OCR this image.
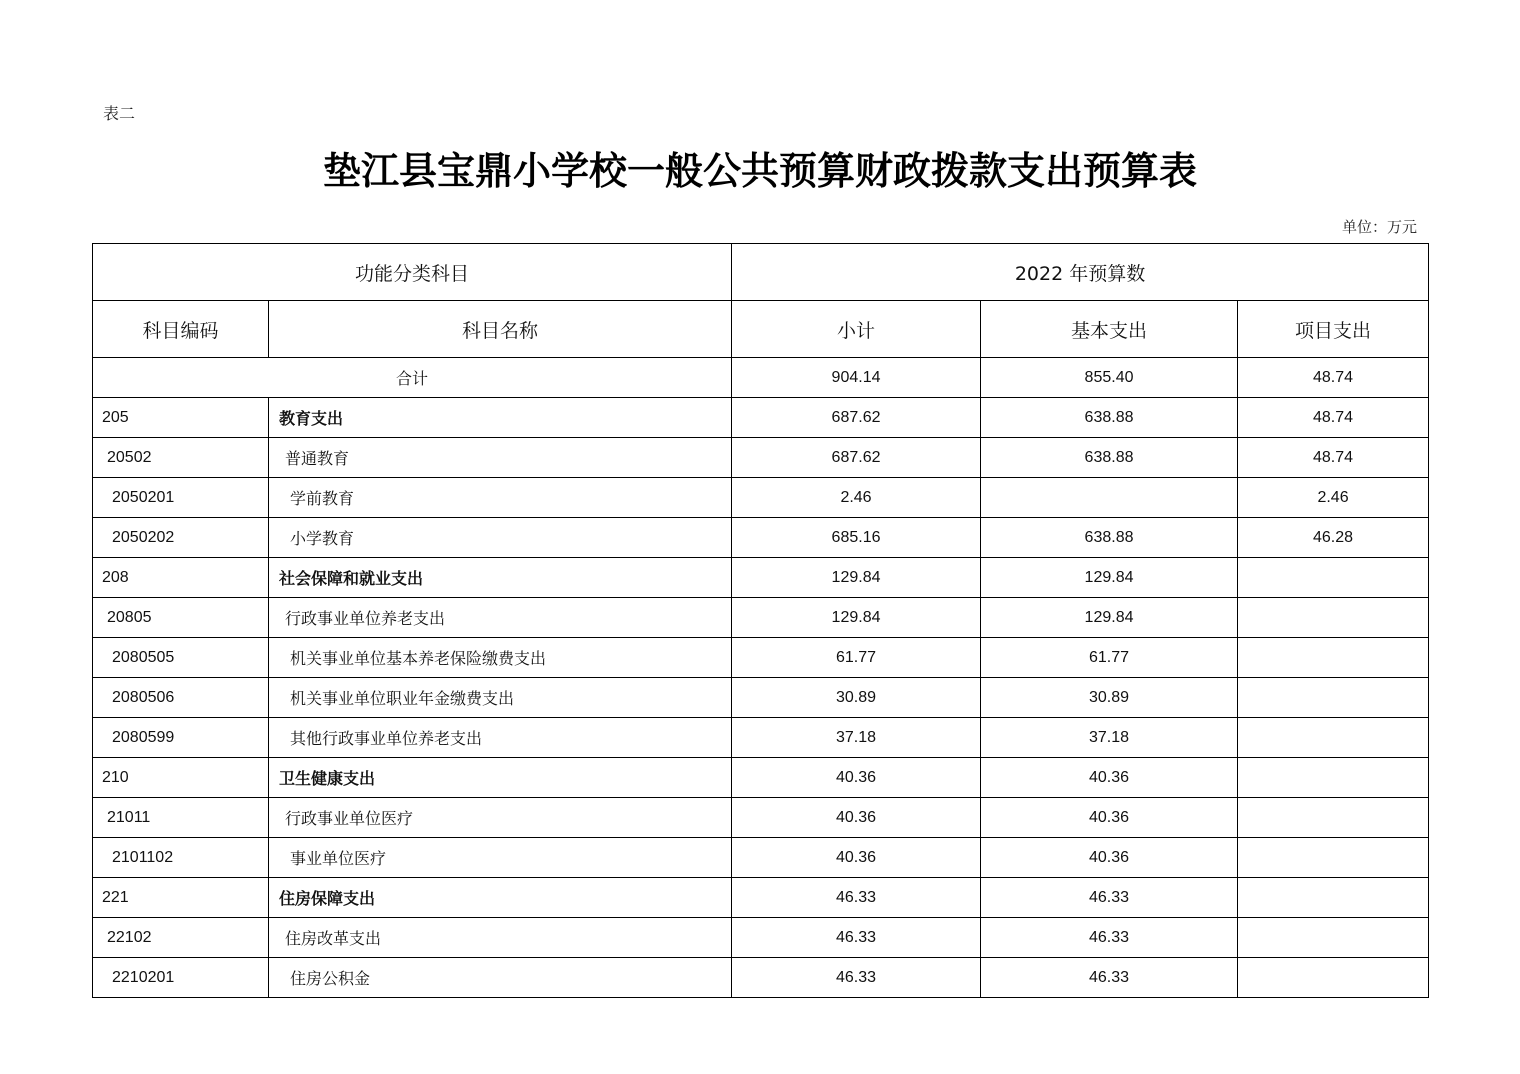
表二
垫江县宝鼎小学校一般公共预算财政拨款支出预算表
单位：万元
功能分类科目		2022 年预算数		
科目编码	科目名称	小计	基本支出	项目支出
合计		904.14	855.40	48.74
205	教育支出	687.62	638.88	48.74
20502	普通教育	687.62	638.88	48.74
2050201	学前教育	2.46		2.46
2050202	小学教育	685.16	638.88	46.28
208	社会保障和就业支出	129.84	129.84	
20805	行政事业单位养老支出	129.84	129.84	
2080505	机关事业单位基本养老保险缴费支出	61.77	61.77	
2080506	机关事业单位职业年金缴费支出	30.89	30.89	
2080599	其他行政事业单位养老支出	37.18	37.18	
210	卫生健康支出	40.36	40.36	
21011	行政事业单位医疗	40.36	40.36	
2101102	事业单位医疗	40.36	40.36	
221	住房保障支出	46.33	46.33	
22102	住房改革支出	46.33	46.33	
2210201	住房公积金	46.33	46.33	
